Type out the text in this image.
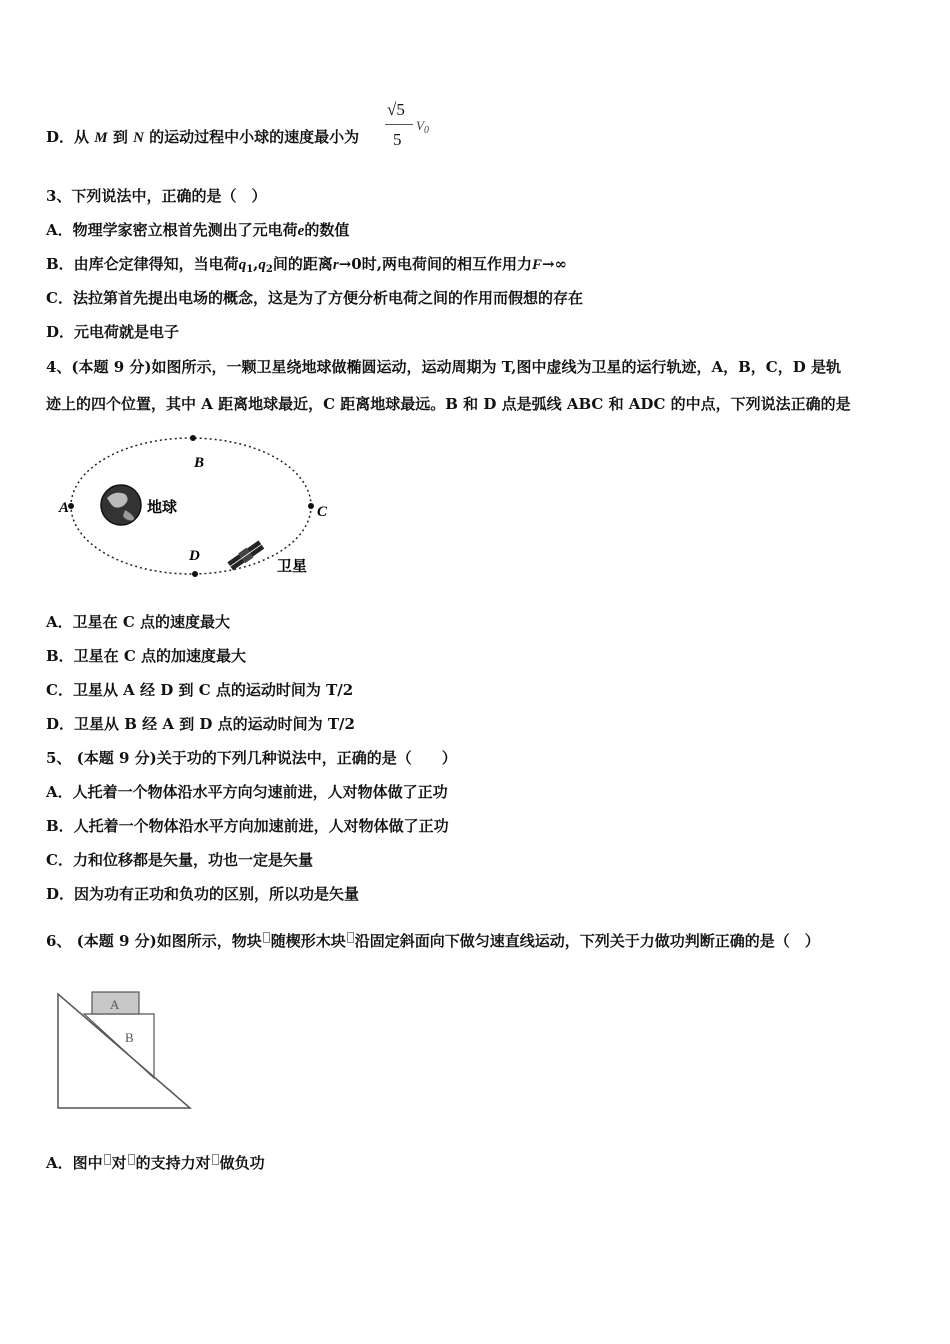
D．从 M 到 N 的运动过程中小球的速度最小为
√5
5
$V_0$
3、下列说法中，正确的是（　）
A．物理学家密立根首先测出了元电荷e的数值
B．由库仑定律得知，当电荷$q_1,q_2$间的距离r→0时,两电荷间的相互作用力F→∞
C．法拉第首先提出电场的概念，这是为了方便分析电荷之间的作用而假想的存在
D．元电荷就是电子
4、(本题 9 分)如图所示，一颗卫星绕地球做椭圆运动，运动周期为 T,图中虚线为卫星的运行轨迹，A，B，C，D 是轨
迹上的四个位置，其中 A 距离地球最近，C 距离地球最远。B 和 D 点是弧线 ABC 和 ADC 的中点，下列说法正确的是
A
B
C
D
地球
卫星
A．卫星在 C 点的速度最大
B．卫星在 C 点的加速度最大
C．卫星从 A 经 D 到 C 点的运动时间为 T/2
D．卫星从 B 经 A 到 D 点的运动时间为 T/2
5、 (本题 9 分)关于功的下列几种说法中，正确的是（　　）
A．人托着一个物体沿水平方向匀速前进，人对物体做了正功
B．人托着一个物体沿水平方向加速前进，人对物体做了正功
C．力和位移都是矢量，功也一定是矢量
D．因为功有正功和负功的区别，所以功是矢量
6、 (本题 9 分)如图所示，物块 随楔形木块 沿固定斜面向下做匀速直线运动，下列关于力做功判断正确的是（　）
A
B
A．图中 对 的支持力对 做负功
